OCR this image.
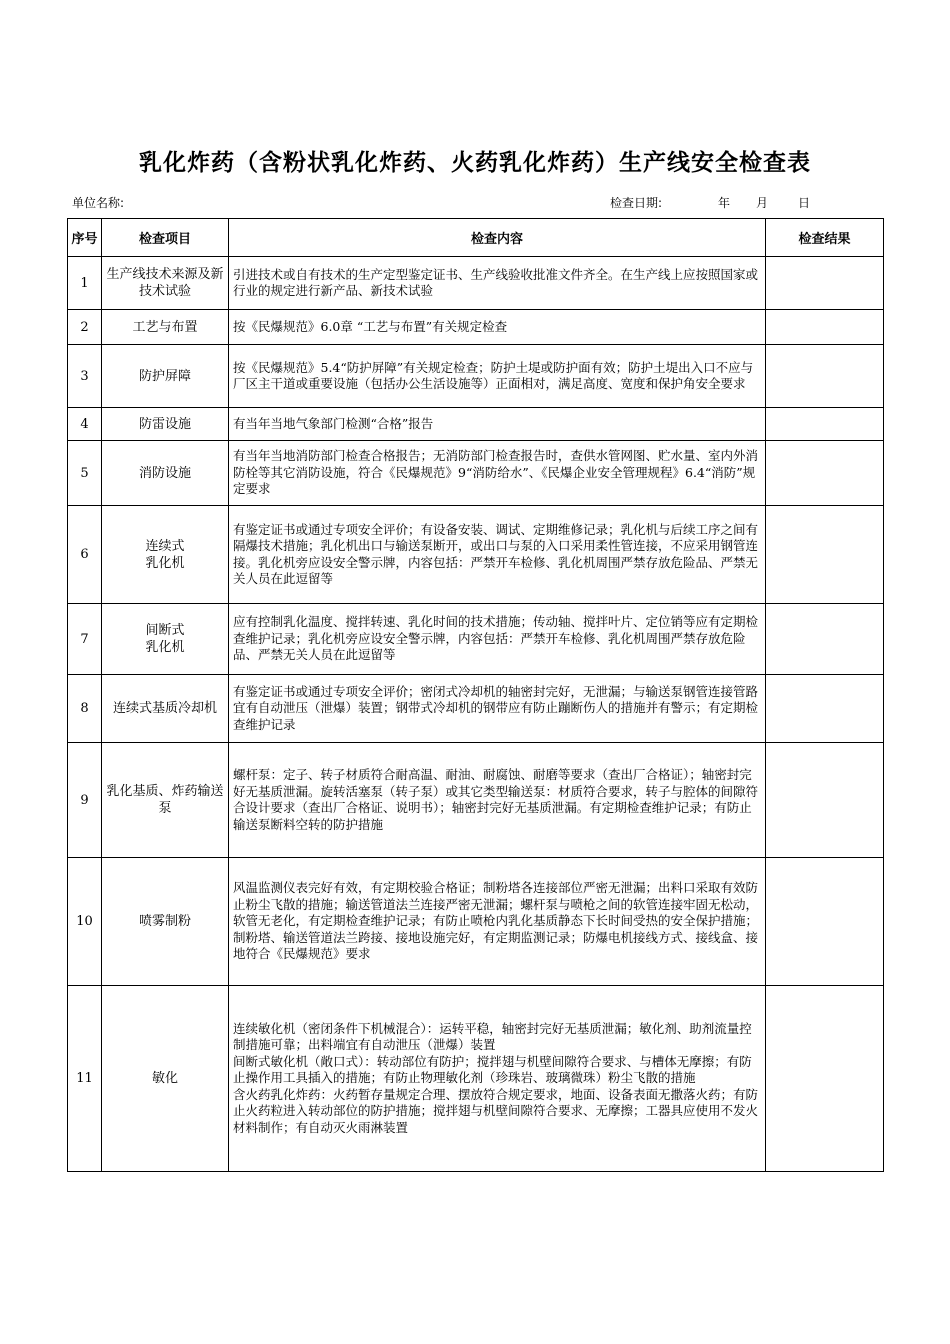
乳化炸药（含粉状乳化炸药、火药乳化炸药）生产线安全检查表
单位名称:	检查日期:	年 月 日
序号	检查项目	检查内容	检查结果
1	生产线技术来源及新技术试验	引进技术或自有技术的生产定型鉴定证书、生产线验收批准文件齐全。在生产线上应按照国家或行业的规定进行新产品、新技术试验	
2	工艺与布置	按《民爆规范》6.0章 “工艺与布置”有关规定检查	
3	防护屏障	按《民爆规范》5.4“防护屏障”有关规定检查；防护土堤或防护面有效；防护土堤出入口不应与厂区主干道或重要设施（包括办公生活设施等）正面相对，满足高度、宽度和保护角安全要求	
4	防雷设施	有当年当地气象部门检测“合格”报告	
5	消防设施	有当年当地消防部门检查合格报告；无消防部门检查报告时，查供水管网图、贮水量、室内外消防栓等其它消防设施，符合《民爆规范》9“消防给水”、《民爆企业安全管理规程》6.4“消防”规定要求	
6	连续式
乳化机	有鉴定证书或通过专项安全评价；有设备安装、调试、定期维修记录；乳化机与后续工序之间有隔爆技术措施；乳化机出口与输送泵断开，或出口与泵的入口采用柔性管连接，不应采用钢管连接。乳化机旁应设安全警示牌，内容包括：严禁开车检修、乳化机周围严禁存放危险品、严禁无关人员在此逗留等	
7	间断式
乳化机	应有控制乳化温度、搅拌转速、乳化时间的技术措施；传动轴、搅拌叶片、定位销等应有定期检查维护记录；乳化机旁应设安全警示牌，内容包括：严禁开车检修、乳化机周围严禁存放危险品、严禁无关人员在此逗留等	
8	连续式基质冷却机	有鉴定证书或通过专项安全评价；密闭式冷却机的轴密封完好，无泄漏；与输送泵钢管连接管路宜有自动泄压（泄爆）装置；钢带式冷却机的钢带应有防止蹦断伤人的措施并有警示；有定期检查维护记录	
9	乳化基质、炸药输送泵	螺杆泵：定子、转子材质符合耐高温、耐油、耐腐蚀、耐磨等要求（查出厂合格证）；轴密封完好无基质泄漏。旋转活塞泵（转子泵）或其它类型输送泵：材质符合要求，转子与腔体的间隙符合设计要求（查出厂合格证、说明书）；轴密封完好无基质泄漏。有定期检查维护记录；有防止输送泵断料空转的防护措施	
10	喷雾制粉	风温监测仪表完好有效，有定期校验合格证；制粉塔各连接部位严密无泄漏；出料口采取有效防止粉尘飞散的措施；输送管道法兰连接严密无泄漏；螺杆泵与喷枪之间的软管连接牢固无松动，软管无老化，有定期检查维护记录；有防止喷枪内乳化基质静态下长时间受热的安全保护措施；制粉塔、输送管道法兰跨接、接地设施完好，有定期监测记录；防爆电机接线方式、接线盒、接地符合《民爆规范》要求	
11	敏化	连续敏化机（密闭条件下机械混合）：运转平稳，轴密封完好无基质泄漏；敏化剂、助剂流量控制措施可靠；出料端宜有自动泄压（泄爆）装置
间断式敏化机（敞口式）：转动部位有防护；搅拌翅与机壁间隙符合要求、与槽体无摩擦；有防止操作用工具插入的措施；有防止物理敏化剂（珍珠岩、玻璃微珠）粉尘飞散的措施
含火药乳化炸药：火药暂存量规定合理、摆放符合规定要求，地面、设备表面无撒落火药；有防止火药粒进入转动部位的防护措施；搅拌翅与机壁间隙符合要求、无摩擦；工器具应使用不发火材料制作；有自动灭火雨淋装置	
